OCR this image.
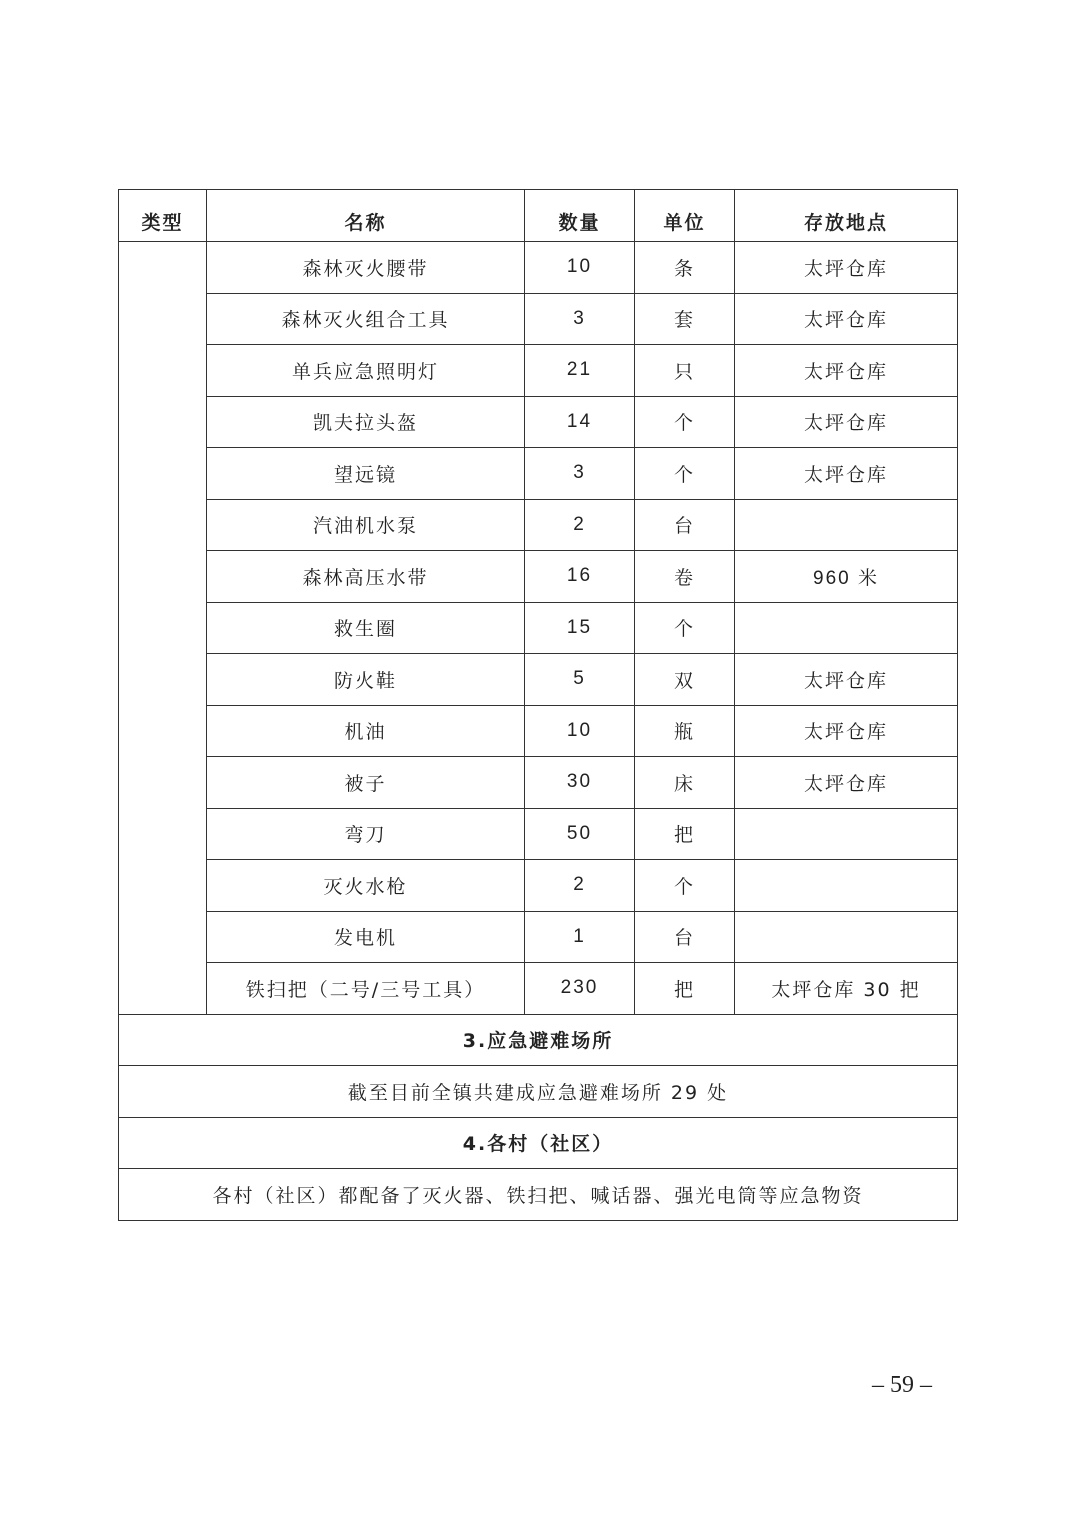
类型	名称	数量	单位	存放地点
	森林灭火腰带	10	条	太坪仓库
	森林灭火组合工具	3	套	太坪仓库
	单兵应急照明灯	21	只	太坪仓库
	凯夫拉头盔	14	个	太坪仓库
	望远镜	3	个	太坪仓库
	汽油机水泵	2	台	
	森林高压水带	16	卷	960 米
	救生圈	15	个	
	防火鞋	5	双	太坪仓库
	机油	10	瓶	太坪仓库
	被子	30	床	太坪仓库
	弯刀	50	把	
	灭火水枪	2	个	
	发电机	1	台	
	铁扫把（二号/三号工具）	230	把	太坪仓库 30 把
3.应急避难场所				
截至目前全镇共建成应急避难场所 29 处				
4.各村（社区）				
各村（社区）都配备了灭火器、铁扫把、喊话器、强光电筒等应急物资				
– 59 –
